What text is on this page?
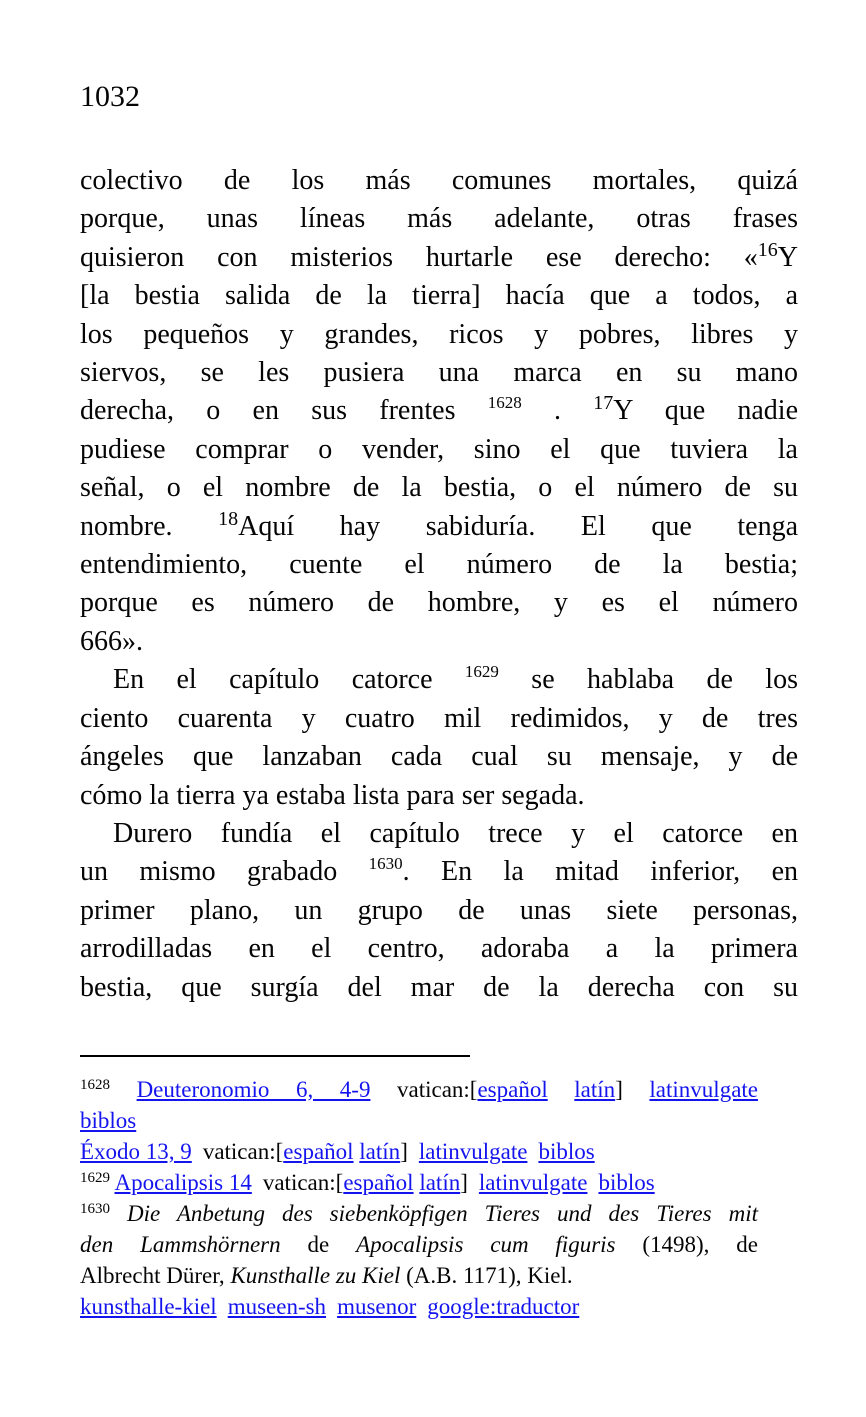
1032
colectivo de los más comunes mortales, quizá
porque, unas líneas más adelante, otras frases
quisieron con misterios hurtarle ese derecho: «$^{16}$Y
[la bestia salida de la tierra] hacía que a todos, a
los pequeños y grandes, ricos y pobres, libres y
siervos, se les pusiera una marca en su mano
derecha, o en sus frentes $^{1628}$ . $^{17}$Y que nadie
pudiese comprar o vender, sino el que tuviera la
señal, o el nombre de la bestia, o el número de su
nombre. $^{18}$Aquí hay sabiduría. El que tenga
entendimiento, cuente el número de la bestia;
porque es número de hombre, y es el número
666».
En el capítulo catorce $^{1629}$ se hablaba de los
ciento cuarenta y cuatro mil redimidos, y de tres
ángeles que lanzaban cada cual su mensaje, y de
cómo la tierra ya estaba lista para ser segada.
Durero fundía el capítulo trece y el catorce en
un mismo grabado $^{1630}$. En la mitad inferior, en
primer plano, un grupo de unas siete personas,
arrodilladas en el centro, adoraba a la primera
bestia, que surgía del mar de la derecha con su
$^{1628}$ Deuteronomio 6, 4-9 vatican:[español latín] latinvulgate
biblos
Éxodo 13, 9 vatican:[español latín] latinvulgate biblos
$^{1629}$ Apocalipsis 14 vatican:[español latín] latinvulgate biblos
$^{1630}$ Die Anbetung des siebenköpfigen Tieres und des Tieres mit
den Lammshörnern de Apocalipsis cum figuris (1498), de
Albrecht Dürer, Kunsthalle zu Kiel (A.B. 1171), Kiel.
kunsthalle-kiel museen-sh musenor google:traductor
